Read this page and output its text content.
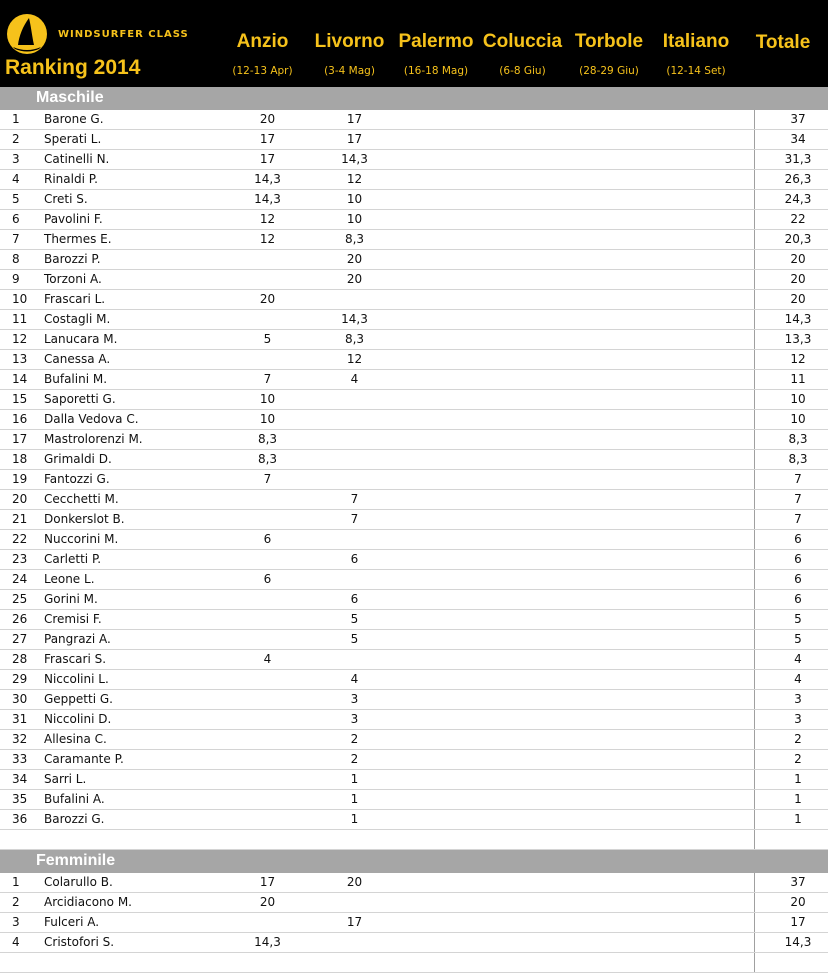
WINDSURFER CLASS
Ranking 2014
Anzio
(12-13 Apr)
Livorno
(3-4 Mag)
Palermo
(16-18 Mag)
Coluccia
(6-8 Giu)
Torbole
(28-29 Giu)
Italiano
(12-14 Set)
Totale
Maschile
1	Barone G.	20	17			37
2	Sperati L.	17	17			34
3	Catinelli N.	17	14,3			31,3
4	Rinaldi P.	14,3	12			26,3
5	Creti S.	14,3	10			24,3
6	Pavolini F.	12	10			22
7	Thermes E.	12	8,3			20,3
8	Barozzi P.		20			20
9	Torzoni A.		20			20
10	Frascari L.	20				20
11	Costagli M.		14,3			14,3
12	Lanucara M.	5	8,3			13,3
13	Canessa A.		12			12
14	Bufalini M.	7	4			11
15	Saporetti G.	10				10
16	Dalla Vedova C.	10				10
17	Mastrolorenzi M.	8,3				8,3
18	Grimaldi D.	8,3				8,3
19	Fantozzi G.	7				7
20	Cecchetti M.		7			7
21	Donkerslot B.		7			7
22	Nuccorini M.	6				6
23	Carletti P.		6			6
24	Leone L.	6				6
25	Gorini M.		6			6
26	Cremisi F.		5			5
27	Pangrazi A.		5			5
28	Frascari S.	4				4
29	Niccolini L.		4			4
30	Geppetti G.		3			3
31	Niccolini D.		3			3
32	Allesina C.		2			2
33	Caramante P.		2			2
34	Sarri L.		1			1
35	Bufalini A.		1			1
36	Barozzi G.		1			1

Femminile
1	Colarullo B.	17	20			37
2	Arcidiacono M.	20				20
3	Fulceri A.		17			17
4	Cristofori S.	14,3				14,3
